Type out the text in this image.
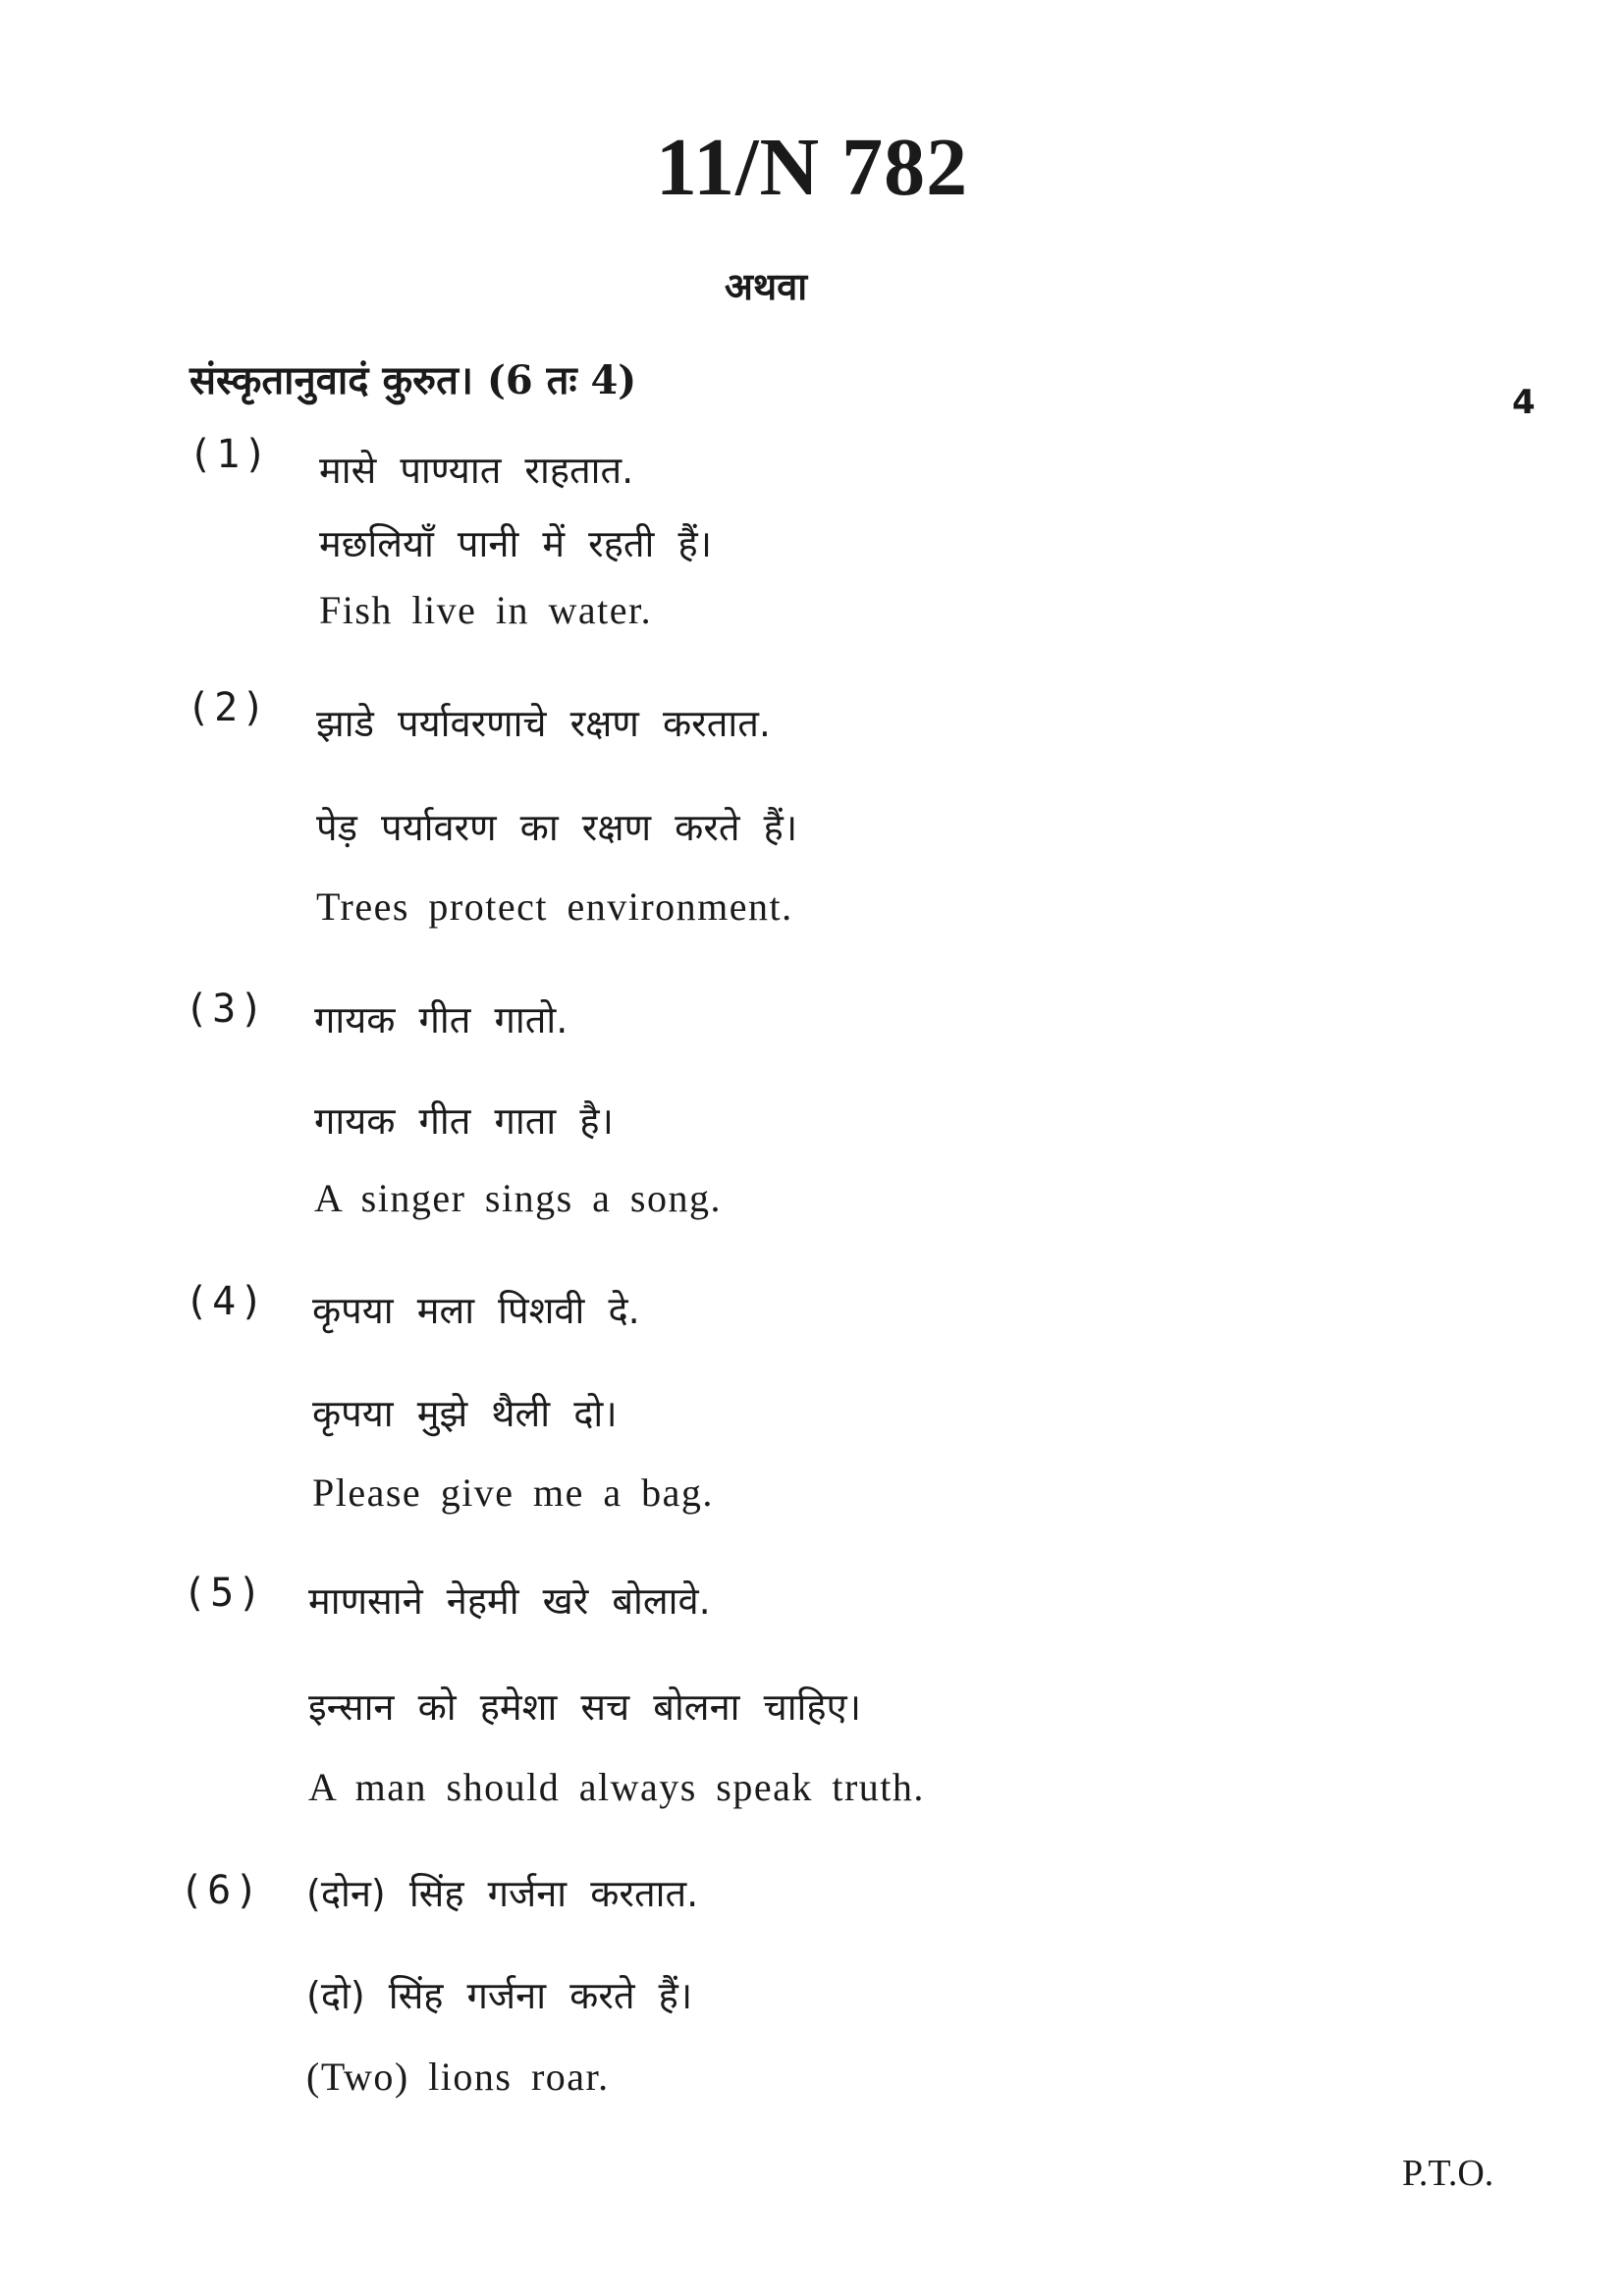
11/N 782
अथवा
संस्कृतानुवादं कुरुत। (6 तः 4)	4
(1) मासे पाण्यात राहतात.
मछलियाँ पानी में रहती हैं।
Fish live in water.
(2) झाडे पर्यावरणाचे रक्षण करतात.
पेड़ पर्यावरण का रक्षण करते हैं।
Trees protect environment.
(3) गायक गीत गातो.
गायक गीत गाता है।
A singer sings a song.
(4) कृपया मला पिशवी दे.
कृपया मुझे थैली दो।
Please give me a bag.
(5) माणसाने नेहमी खरे बोलावे.
इन्सान को हमेशा सच बोलना चाहिए।
A man should always speak truth.
(6) (दोन) सिंह गर्जना करतात.
(दो) सिंह गर्जना करते हैं।
(Two) lions roar.
P.T.O.
